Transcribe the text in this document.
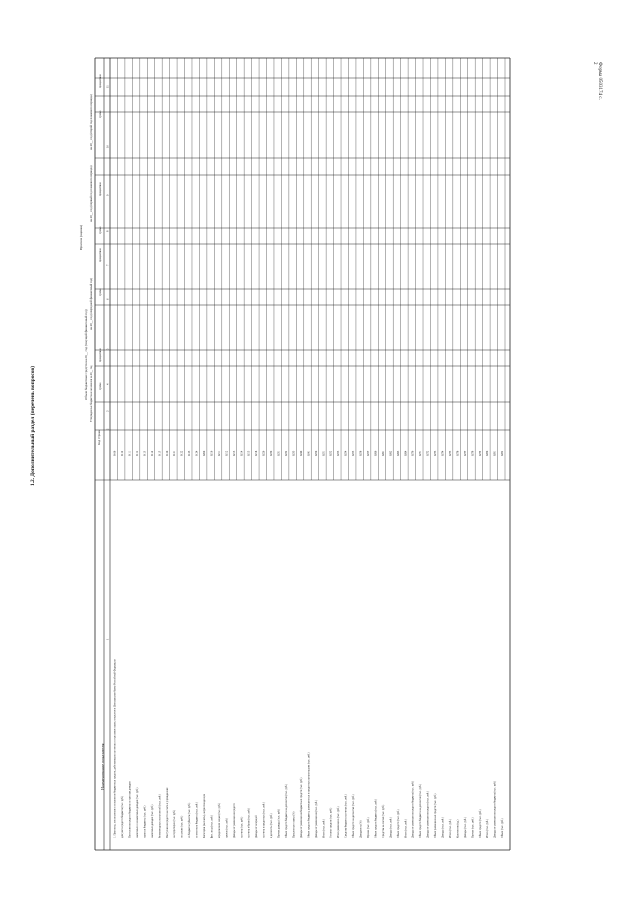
1.2. Дополнительный раздел (перечень вопросов)
Форма 0503174 с. 2
1. Прогнозы, поступления и исполнение бюджетных средств, действующих на счетах и в кассовом плане, открытом в Центральном банке Российской Федерации для учета средств бюджета (тыс. руб.) Поступления средств бюджета по группам доходов налоговых и неналоговых доходов (тыс. руб.) налога в бюджеты (тыс. руб.) налоговых доходов (тыс. руб.) безвозмездных поступлений (тыс. руб.) Поступления средств на счета в учреждениях на территории (тыс. руб.) по ценам (тыс. руб.) из бюджета субъекта (тыс. руб.) из местного бюджета (тыс. руб.) Категория (выплаты), корреспонденция физ. лица (тыс. руб.) юридическим лицам (тыс. руб.) прочие (тыс. руб.) Доходы от размещения средств на счета (тыс. руб.) на счета в банке (тыс. руб.) Доходы от операций на счета в кредитных (тыс. руб.) в депозиты (тыс. руб.) Прочие доходы (тыс. руб.) Объем средств бюджета на депозитах (тыс. руб.) Процентные ставки (%) Доходы от размещения бюджетных средств (тыс. руб.) Объем средств бюджета, размещенных в кредитных организациях (тыс. руб.) Доходы от размещения (тыс. руб.) Итого (тыс. руб.) Остатки средств (тыс. руб.) Итого размещено (тыс. руб.) Средства бюджета на счетах (тыс. руб.) Объем средств на депозитах (тыс. руб.) Доходность (%) Прочие (тыс. руб.) Объем средств бюджета (тыс. руб.) Средства на счетах (тыс. руб.) Доходы (тыс. руб.) Объем средств (тыс. руб.) Итого (тыс. руб.) Доходы от размещения средств бюджета (тыс. руб.) Объем средств бюджета на депозитах (тыс. руб.) Доходы от размещения средств (тыс. руб.) Объем размещенных средств (тыс. руб.) Доходы (тыс. руб.) Итого (тыс. руб.) Количество (ед.) Доходы (тыс. руб.) Прочие (тыс. руб.) Объем средств (тыс. руб.) Итого (тыс. руб.) Доходы от размещения средств бюджета (тыс. руб.) Объем (тыс. руб.)
0100 0110 0111 0112 0113 0114 0115 0120 0121 0122 0123 0124 0200 0210 0211 0212 0213 0214 0215 0216 0220 0230 0231 0232 0233 0240 0241 0250 0251 0252 0253 0254 0255 0256 0257 0260 0261 0262 0263 0264 0270 0271 0272 0273 0274 0275 0276 0277 0278 0279 0280 0281 0282
Наименование показателя
Код строки
Утвержденные бюджетные назначения на 20__ год
Объем бюджетных средств на 20__ год (текущий финансовый год)
Прогноз (оценка)
на 20__ год (очередной финансовый год)
на 20__ год (первый год планового периода)
на 20__ год (второй год планового периода)
сумма
сумма
сумма
сумма
процентное
процентное
процентное
процентное
1
2
3
4
5
6
7
8
9
10
11
